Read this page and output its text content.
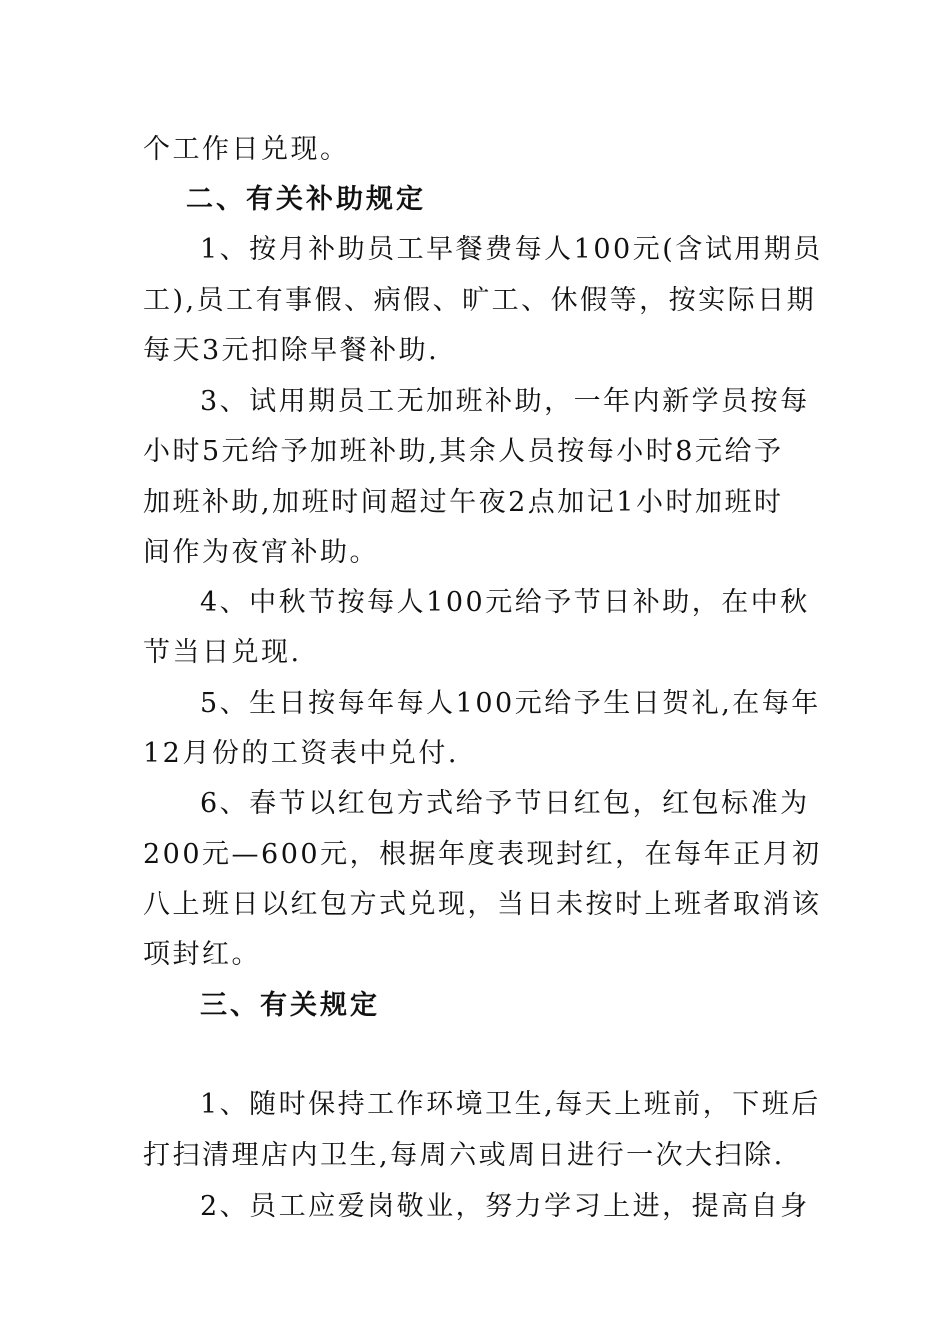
个工作日兑现。
二、有关补助规定
1、按月补助员工早餐费每人100元(含试用期员
工),员工有事假、病假、旷工、休假等，按实际日期
每天3元扣除早餐补助.
3、试用期员工无加班补助，一年内新学员按每
小时5元给予加班补助,其余人员按每小时8元给予
加班补助,加班时间超过午夜2点加记1小时加班时
间作为夜宵补助。
4、中秋节按每人100元给予节日补助，在中秋
节当日兑现.
5、生日按每年每人100元给予生日贺礼,在每年
12月份的工资表中兑付.
6、春节以红包方式给予节日红包，红包标准为
200元—600元，根据年度表现封红，在每年正月初
八上班日以红包方式兑现，当日未按时上班者取消该
项封红。
三、有关规定
1、随时保持工作环境卫生,每天上班前，下班后
打扫清理店内卫生,每周六或周日进行一次大扫除.
2、员工应爱岗敬业，努力学习上进，提高自身
